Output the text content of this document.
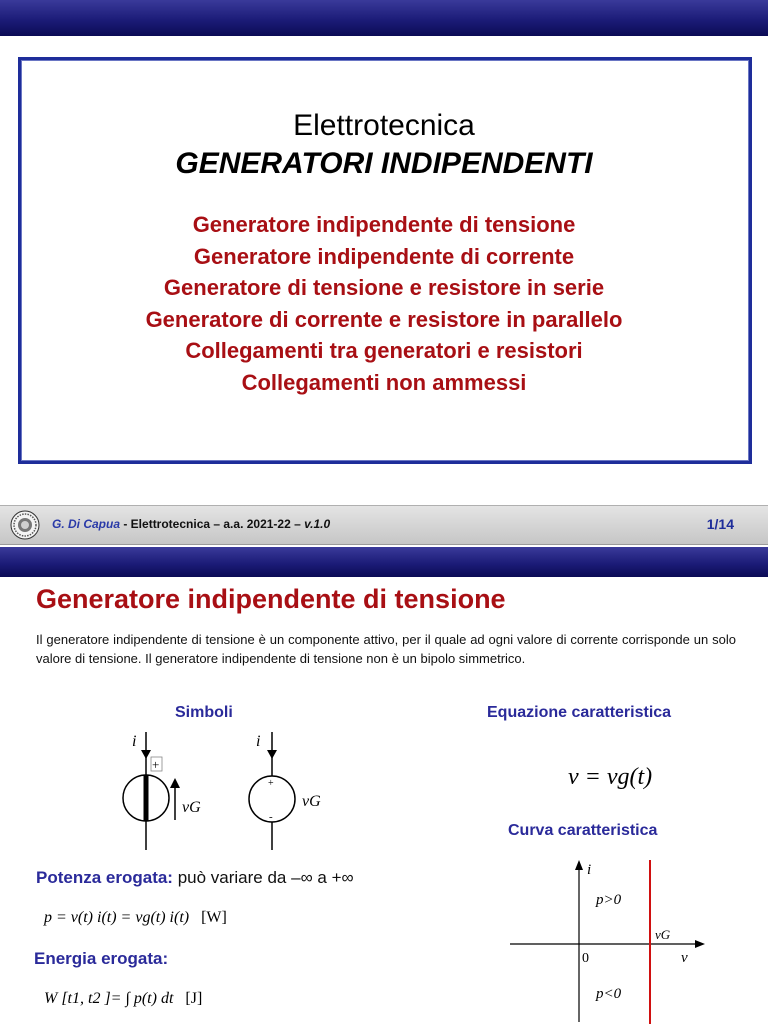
Elettrotecnica
GENERATORI INDIPENDENTI
Generatore indipendente di tensione
Generatore indipendente di corrente
Generatore di tensione e resistore in serie
Generatore di corrente e resistore in parallelo
Collegamenti tra generatori e resistori
Collegamenti non ammessi
G. Di Capua - Elettrotecnica – a.a. 2021-22 – v.1.0	1/14
Generatore indipendente di tensione
Il generatore indipendente di tensione è un componente attivo, per il quale ad ogni valore di corrente corrisponde un solo valore di tensione. Il generatore indipendente di tensione non è un bipolo simmetrico.
Simboli	Equazione caratteristica
Curva caratteristica
i
+
vG
i
+
-
vG
v = vg(t)
i
v
0
p>0
p<0
vG
Potenza erogata: può variare da –∞ a +∞
p = v(t) i(t) = vg(t) i(t) [W]
Energia erogata:
W [t1, t2 ]= ∫ p(t) dt [J]
